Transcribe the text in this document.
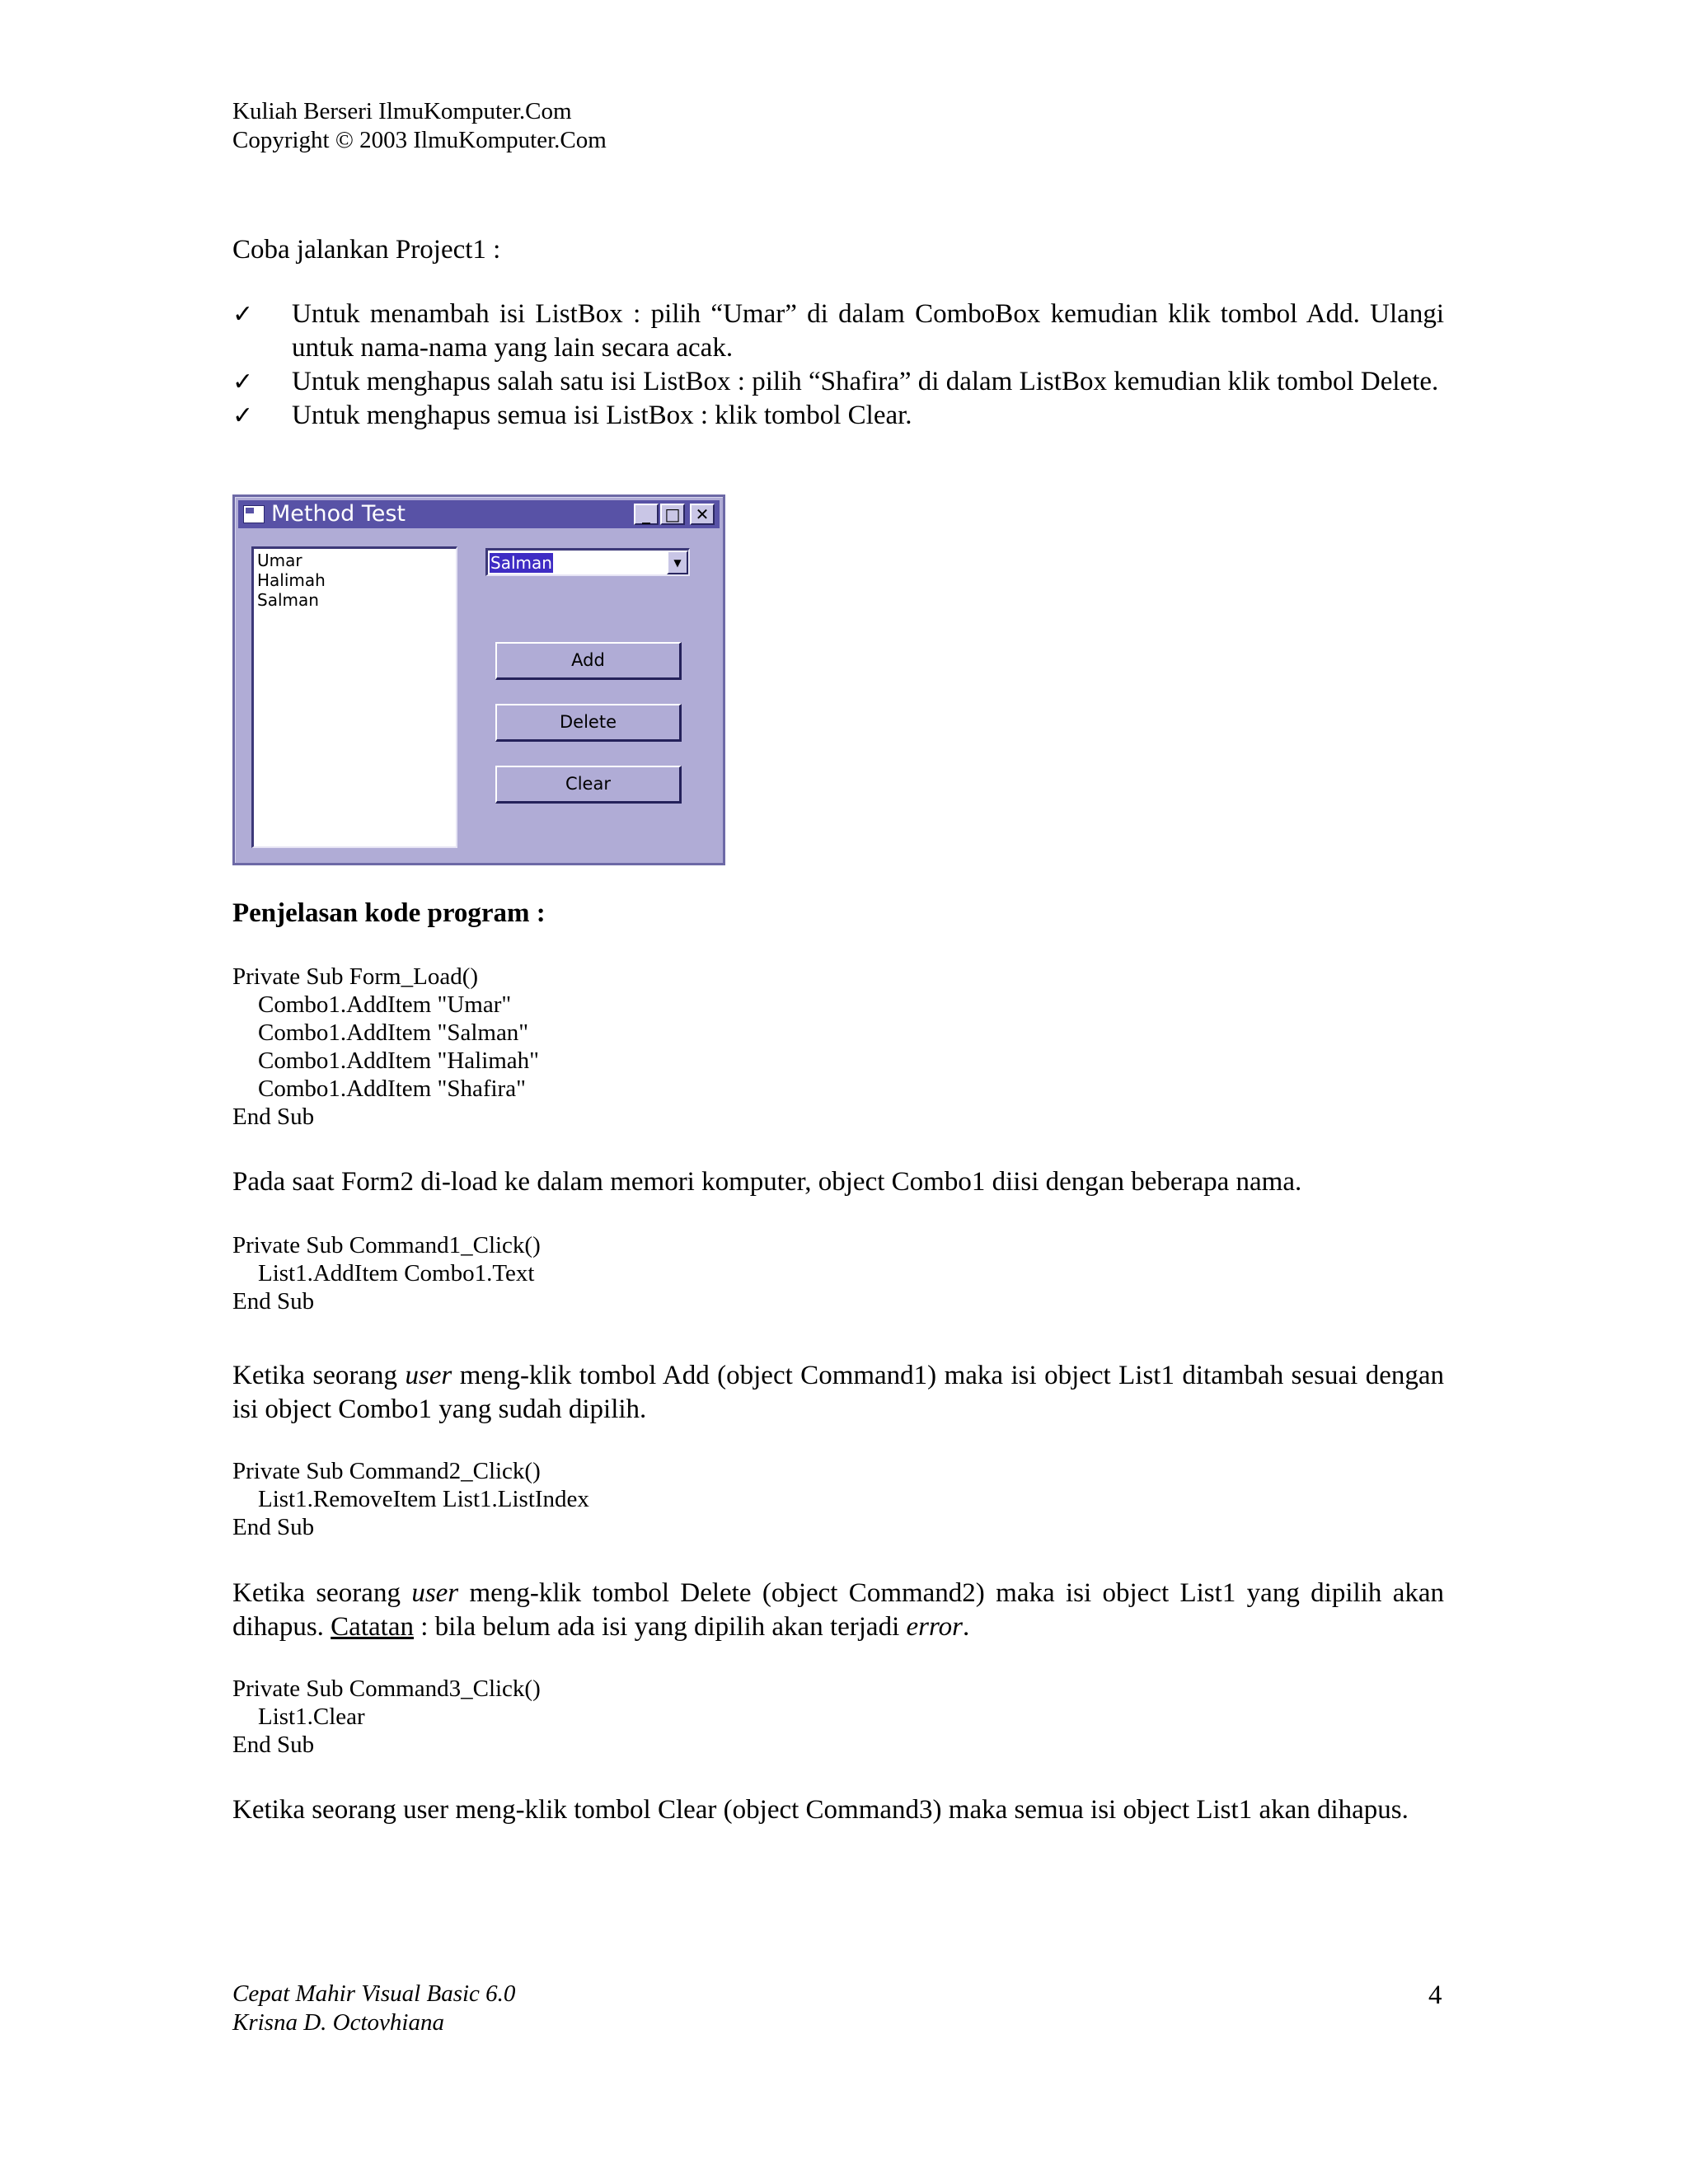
Kuliah Berseri IlmuKomputer.Com
Copyright © 2003 IlmuKomputer.Com
Coba jalankan Project1 :
✓	Untuk menambah isi ListBox : pilih “Umar” di dalam ComboBox kemudian klik tombol Add. Ulangi untuk nama-nama yang lain secara acak.
✓	Untuk menghapus salah satu isi ListBox : pilih “Shafira” di dalam ListBox kemudian klik tombol Delete.
✓	Untuk menghapus semua isi ListBox : klik tombol Clear.
Method Test	_ □ ✕
Umar
Halimah
Salman
Salman	▼
Add
Delete
Clear
Penjelasan kode program :
Private Sub Form_Load()
Combo1.AddItem "Umar"
Combo1.AddItem "Salman"
Combo1.AddItem "Halimah"
Combo1.AddItem "Shafira"
End Sub
Pada saat Form2 di-load ke dalam memori komputer, object Combo1 diisi dengan beberapa nama.
Private Sub Command1_Click()
List1.AddItem Combo1.Text
End Sub
Ketika seorang user meng-klik tombol Add (object Command1) maka isi object List1 ditambah sesuai dengan isi object Combo1 yang sudah dipilih.
Private Sub Command2_Click()
List1.RemoveItem List1.ListIndex
End Sub
Ketika seorang user meng-klik tombol Delete (object Command2) maka isi object List1 yang dipilih akan dihapus. Catatan : bila belum ada isi yang dipilih akan terjadi error.
Private Sub Command3_Click()
List1.Clear
End Sub
Ketika seorang user meng-klik tombol Clear (object Command3) maka semua isi object List1 akan dihapus.
Cepat Mahir Visual Basic 6.0
Krisna D. Octovhiana
4
